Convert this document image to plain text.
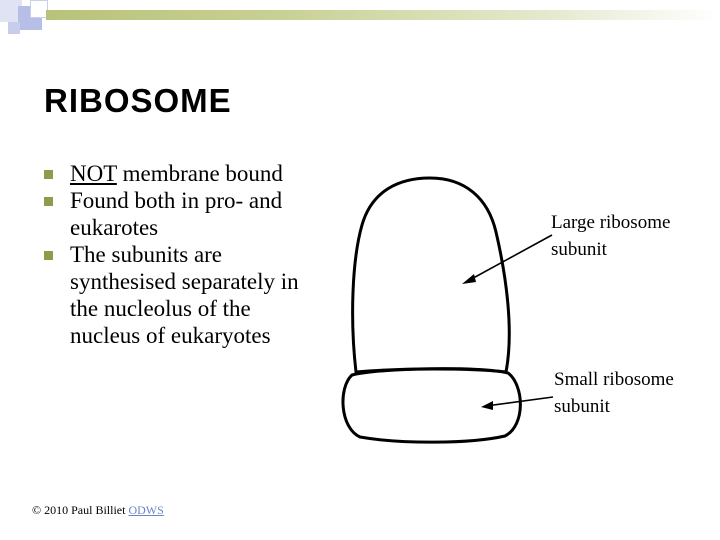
RIBOSOME
NOT membrane bound
Found both in pro- and eukarotes
The subunits are synthesised separately in the nucleolus of the nucleus of eukaryotes
Large ribosome
subunit
Small ribosome
subunit
© 2010 Paul Billiet ODWS
